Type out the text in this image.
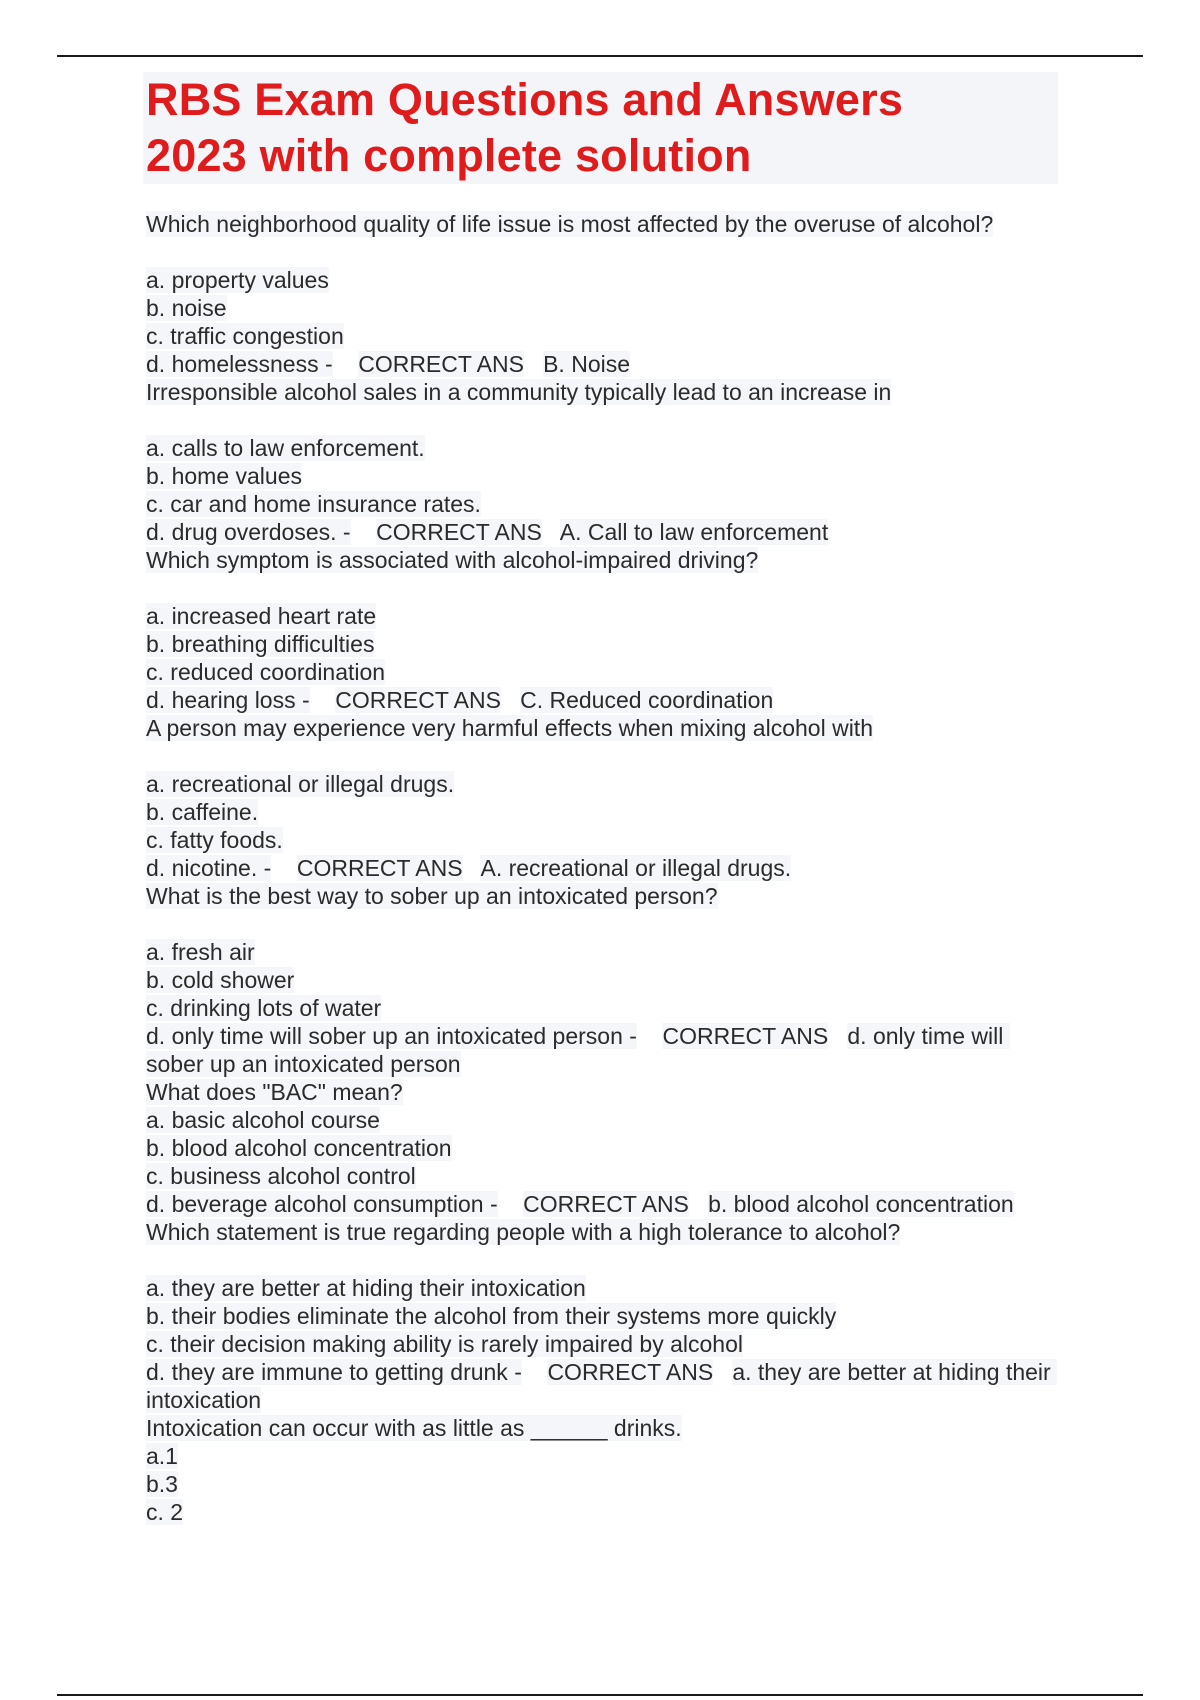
RBS Exam Questions and Answers
2023 with complete solution
Which neighborhood quality of life issue is most affected by the overuse of alcohol?
a. property values
b. noise
c. traffic congestion
d. homelessness - CORRECT ANS B. Noise
Irresponsible alcohol sales in a community typically lead to an increase in
a. calls to law enforcement.
b. home values
c. car and home insurance rates.
d. drug overdoses. - CORRECT ANS A. Call to law enforcement
Which symptom is associated with alcohol-impaired driving?
a. increased heart rate
b. breathing difficulties
c. reduced coordination
d. hearing loss - CORRECT ANS C. Reduced coordination
A person may experience very harmful effects when mixing alcohol with
a. recreational or illegal drugs.
b. caffeine.
c. fatty foods.
d. nicotine. - CORRECT ANS A. recreational or illegal drugs.
What is the best way to sober up an intoxicated person?
a. fresh air
b. cold shower
c. drinking lots of water
d. only time will sober up an intoxicated person - CORRECT ANS d. only time will sober up an intoxicated person
What does "BAC" mean?
a. basic alcohol course
b. blood alcohol concentration
c. business alcohol control
d. beverage alcohol consumption - CORRECT ANS b. blood alcohol concentration
Which statement is true regarding people with a high tolerance to alcohol?
a. they are better at hiding their intoxication
b. their bodies eliminate the alcohol from their systems more quickly
c. their decision making ability is rarely impaired by alcohol
d. they are immune to getting drunk - CORRECT ANS a. they are better at hiding their intoxication
Intoxication can occur with as little as ______ drinks.
a.1
b.3
c. 2
